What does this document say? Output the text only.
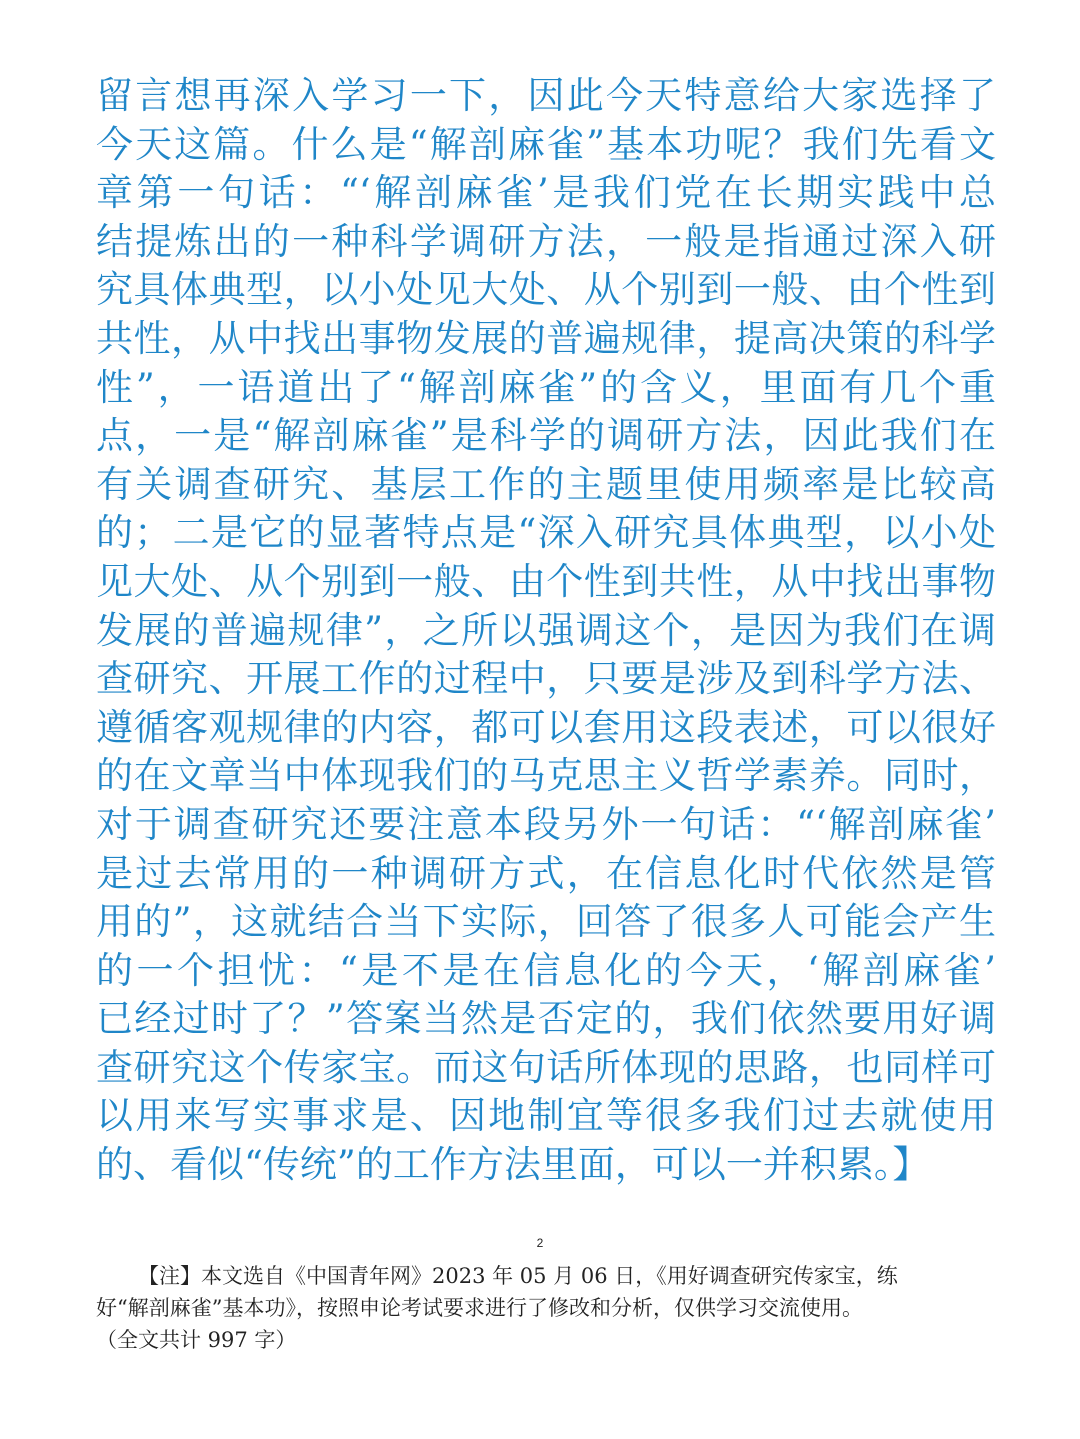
留言想再深入学习一下，因此今天特意给大家选择了
今天这篇。什么是“解剖麻雀”基本功呢？我们先看文
章第一句话：“‘解剖麻雀’是我们党在长期实践中总
结提炼出的一种科学调研方法，一般是指通过深入研
究具体典型，以小处见大处、从个别到一般、由个性到
共性，从中找出事物发展的普遍规律，提高决策的科学
性”，一语道出了“解剖麻雀”的含义，里面有几个重
点，一是“解剖麻雀”是科学的调研方法，因此我们在
有关调查研究、基层工作的主题里使用频率是比较高
的；二是它的显著特点是“深入研究具体典型，以小处
见大处、从个别到一般、由个性到共性，从中找出事物
发展的普遍规律”，之所以强调这个，是因为我们在调
查研究、开展工作的过程中，只要是涉及到科学方法、
遵循客观规律的内容，都可以套用这段表述，可以很好
的在文章当中体现我们的马克思主义哲学素养。同时，
对于调查研究还要注意本段另外一句话：“‘解剖麻雀’
是过去常用的一种调研方式，在信息化时代依然是管
用的”，这就结合当下实际，回答了很多人可能会产生
的一个担忧：“是不是在信息化的今天，‘解剖麻雀’
已经过时了？”答案当然是否定的，我们依然要用好调
查研究这个传家宝。而这句话所体现的思路，也同样可
以用来写实事求是、因地制宜等很多我们过去就使用
的、看似“传统”的工作方法里面，可以一并积累。】
2
【注】本文选自《中国青年网》2023 年 05 月 06 日，《用好调查研究传家宝，练
好“解剖麻雀”基本功》，按照申论考试要求进行了修改和分析，仅供学习交流使用。
（全文共计 997 字）
